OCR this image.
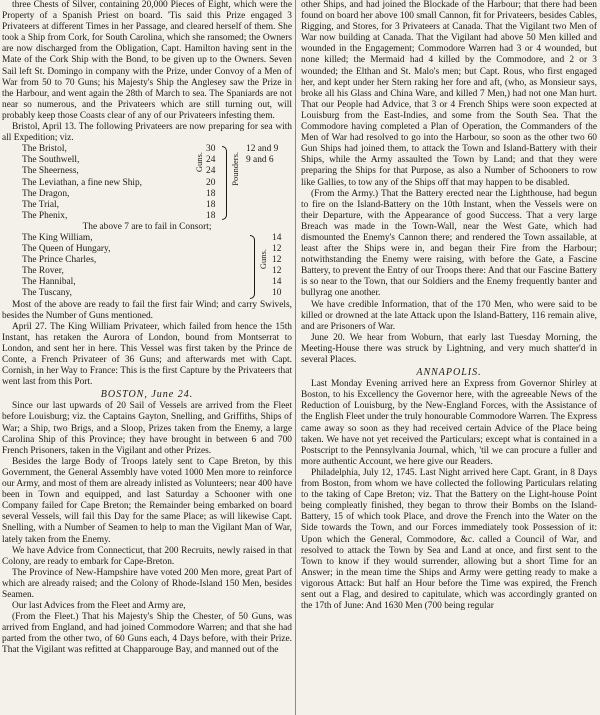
three Chests of Silver, containing 20,000 Pieces of Eight, which were the Property of a Spanish Priest on board. 'Tis said this Prize engaged 3 Privateers at different Times in her Passage, and cleared herself of them. She took a Ship from Cork, for South Carolina, which she ransomed; the Owners are now discharged from the Obligation, Capt. Hamilton having sent in the Mate of the Cork Ship with the Bond, to be given up to the Owners. Seven Sail left St. Domingo in company with the Prize, under Convoy of a Men of War from 50 to 70 Guns; his Majesty's Ship the Anglesey saw the Prize in the Harbour, and went again the 28th of March to sea. The Spaniards are not near so numerous, and the Privateers which are still turning out, will probably keep those Coasts clear of any of our Privateers infesting them.

Bristol, April 13. The following Privateers are now preparing for sea with all Expedition; viz.

The Bristol,
The Southwell,
The Sheerness,
The Leviathan, a fine new Ship,
The Dragon,
The Trial,
The Phenix,
Guns.
30
24
24
20
18
18
18
Pounders.
12 and 9
9 and 6

The above 7 are to fail in Consort;

The King William,
The Queen of Hungary,
The Prince Charles,
The Rover,
The Hannibal,
The Tuscany,
Guns.
14
12
12
12
14
10

Most of the above are ready to fail the first fair Wind; and carry Swivels, besides the Number of Guns mentioned.

April 27. The King William Privateer, which failed from hence the 15th Instant, has retaken the Aurora of London, bound from Montserrat to London, and sent her in here. This Vessel was first taken by the Prince de Conte, a French Privateer of 36 Guns; and afterwards met with Capt. Cornish, in her Way to France: This is the first Capture by the Privateers that went last from this Port.

BOSTON, June 24.

Since our last upwards of 20 Sail of Vessels are arrived from the Fleet before Louisburg; viz. the Captains Gayton, Snelling, and Griffiths, Ships of War; a Ship, two Brigs, and a Sloop, Prizes taken from the Enemy, a large Carolina Ship of this Province; they have brought in between 6 and 700 French Prisoners, taken in the Vigilant and other Prizes.

Besides the large Body of Troops lately sent to Cape Breton, by this Government, the General Assembly have voted 1000 Men more to reinforce our Army, and most of them are already inlisted as Volunteers; near 400 have been in Town and equipped, and last Saturday a Schooner with one Company failed for Cape Breton; the Remainder being embarked on board several Vessels, will fail this Day for the same Place; as will likewise Capt. Snelling, with a Number of Seamen to help to man the Vigilant Man of War, lately taken from the Enemy.

We have Advice from Connecticut, that 200 Recruits, newly raised in that Colony, are ready to embark for Cape-Breton.

The Province of New-Hampshire have voted 200 Men more, great Part of which are already raised; and the Colony of Rhode-Island 150 Men, besides Seamen.

Our last Advices from the Fleet and Army are,

(From the Fleet.) That his Majesty's Ship the Chester, of 50 Guns, was arrived from England, and had joined Commodore Warren; and that she had parted from the other two, of 60 Guns each, 4 Days before, with their Prize. That the Vigilant was refitted at Chapparouge Bay, and manned out of the

other Ships, and had joined the Blockade of the Harbour; that there had been found on board her above 100 small Cannon, fit for Privateers, besides Cables, Rigging, and Stores, for 3 Privateers at Canada. That the Vigilant two Men of War now building at Canada. That the Vigilant had above 50 Men killed and wounded in the Engagement; Commodore Warren had 3 or 4 wounded, but none killed; the Mermaid had 4 killed by the Commodore, and 2 or 3 wounded; the Elthan and St. Malo's men; but Capt. Rous, who first engaged her, and kept under her Stern raking her fore and aft, (who, as Monsieur says, broke all his Glass and China Ware, and killed 7 Men,) had not one Man hurt. That our People had Advice, that 3 or 4 French Ships were soon expected at Louisburg from the East-Indies, and some from the South Sea. That the Commodore having completed a Plan of Operation, the Commanders of the Men of War had resolved to go into the Harbour, so soon as the other two 60 Gun Ships had joined them, to attack the Town and Island-Battery with their Ships, while the Army assaulted the Town by Land; and that they were preparing the Ships for that Purpose, as also a Number of Schooners to row like Gallies, to tow any of the Ships off that may happen to be disabled.

(From the Army.) That the Battery erected near the Lighthouse, had begun to fire on the Island-Battery on the 10th Instant, when the Vessels were on their Departure, with the Appearance of good Success. That a very large Breach was made in the Town-Wall, near the West Gate, which had dismounted the Enemy's Cannon there; and rendered the Town assailable, at least after the Ships were in, and began their Fire from the Harbour; notwithstanding the Enemy were raising, with before the Gate, a Fascine Battery, to prevent the Entry of our Troops there: And that our Fascine Battery is so near to the Town, that our Soldiers and the Enemy frequently banter and bullyrag one another.

We have credible Information, that of the 170 Men, who were said to be killed or drowned at the late Attack upon the Island-Battery, 116 remain alive, and are Prisoners of War.

June 20. We hear from Woburn, that early last Tuesday Morning, the Meeting-House there was struck by Lightning, and very much shatter'd in several Places.

ANNAPOLIS.

Last Monday Evening arrived here an Express from Governor Shirley at Boston, to his Excellency the Governor here, with the agreeable News of the Reduction of Louisburg, by the New-England Forces, with the Assistance of the English Fleet under the truly honourable Commodore Warren. The Express came away so soon as they had received certain Advice of the Place being taken. We have not yet received the Particulars; except what is contained in a Postscript to the Pennsylvania Journal, which, 'til we can procure a fuller and more authentic Account, we here give our Readers.

Philadelphia, July 12, 1745. Last Night arrived here Capt. Grant, in 8 Days from Boston, from whom we have collected the following Particulars relating to the taking of Cape Breton; viz. That the Battery on the Light-house Point being compleatly finished, they began to throw their Bombs on the Island-Battery, 15 of which took Place, and drove the French into the Water on the Side towards the Town, and our Forces immediately took Possession of it: Upon which the General, Commodore, &c. called a Council of War, and resolved to attack the Town by Sea and Land at once, and first sent to the Town to know if they would surrender, allowing but a short Time for an Answer; in the mean time the Ships and Army were getting ready to make a vigorous Attack: But half an Hour before the Time was expired, the French sent out a Flag, and desired to capitulate, which was accordingly granted on the 17th of June: And 1630 Men (700 being regular
